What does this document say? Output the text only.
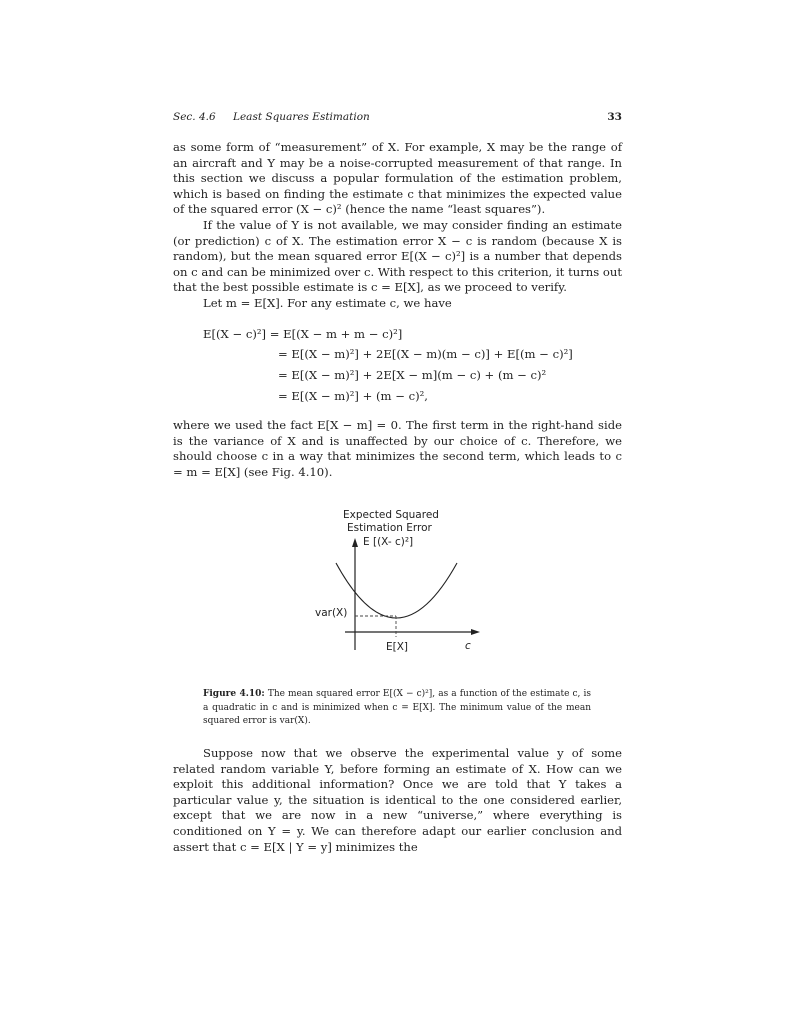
Sec. 4.6 Least Squares Estimation	33

as some form of “measurement” of X. For example, X may be the range of an aircraft and Y may be a noise-corrupted measurement of that range. In this section we discuss a popular formulation of the estimation problem, which is based on finding the estimate c that minimizes the expected value of the squared error (X − c)² (hence the name “least squares”).

If the value of Y is not available, we may consider finding an estimate (or prediction) c of X. The estimation error X − c is random (because X is random), but the mean squared error E[(X − c)²] is a number that depends on c and can be minimized over c. With respect to this criterion, it turns out that the best possible estimate is c = E[X], as we proceed to verify.

Let m = E[X]. For any estimate c, we have

E[(X − c)²] = E[(X − m + m − c)²]
= E[(X − m)²] + 2E[(X − m)(m − c)] + E[(m − c)²]
= E[(X − m)²] + 2E[X − m](m − c) + (m − c)²
= E[(X − m)²] + (m − c)²,

where we used the fact E[X − m] = 0. The first term in the right-hand side is the variance of X and is unaffected by our choice of c. Therefore, we should choose c in a way that minimizes the second term, which leads to c = m = E[X] (see Fig. 4.10).

Expected Squared
Estimation Error
E [(X- c)²]
var(X)
E[X]	c
Figure 4.10: The mean squared error E[(X − c)²], as a function of the estimate c, is a quadratic in c and is minimized when c = E[X]. The minimum value of the mean squared error is var(X).

Suppose now that we observe the experimental value y of some related random variable Y, before forming an estimate of X. How can we exploit this additional information? Once we are told that Y takes a particular value y, the situation is identical to the one considered earlier, except that we are now in a new “universe,” where everything is conditioned on Y = y. We can therefore adapt our earlier conclusion and assert that c = E[X | Y = y] minimizes the
